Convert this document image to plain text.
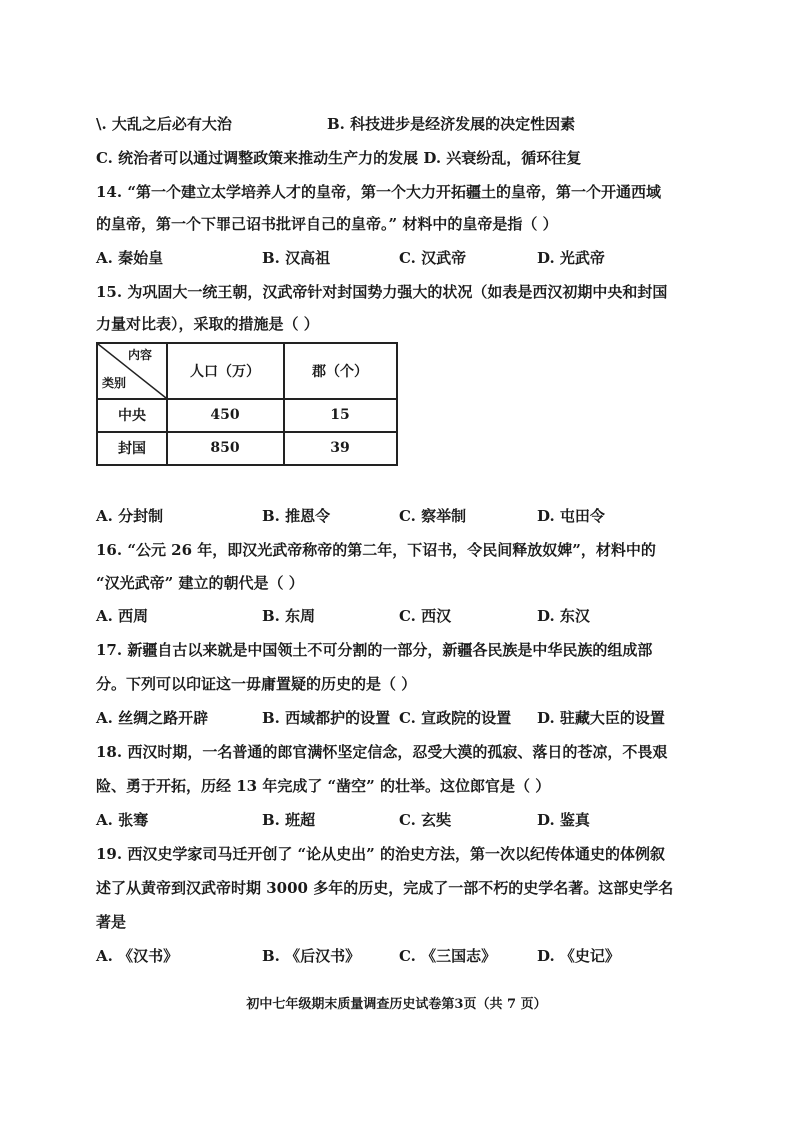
\. 大乱之后必有大治	B. 科技进步是经济发展的决定性因素
C. 统治者可以通过调整政策来推动生产力的发展 D. 兴衰纷乱，循环往复
14. “第一个建立太学培养人才的皇帝，第一个大力开拓疆土的皇帝，第一个开通西域
的皇帝，第一个下罪己诏书批评自己的皇帝。” 材料中的皇帝是指（ ）
A. 秦始皇	B. 汉高祖	C. 汉武帝	D. 光武帝
15. 为巩固大一统王朝，汉武帝针对封国势力强大的状况（如表是西汉初期中央和封国
力量对比表），采取的措施是（ ）
内容
类别
人口（万）	郡（个）
中央	450	15
封国	850	39
A. 分封制	B. 推恩令	C. 察举制	D. 屯田令
16. “公元 26 年，即汉光武帝称帝的第二年，下诏书，令民间释放奴婢”，材料中的
“汉光武帝” 建立的朝代是（ ）
A. 西周	B. 东周	C. 西汉	D. 东汉
17. 新疆自古以来就是中国领土不可分割的一部分，新疆各民族是中华民族的组成部
分。下列可以印证这一毋庸置疑的历史的是（ ）
A. 丝绸之路开辟	B. 西域都护的设置 C. 宣政院的设置 D. 驻藏大臣的设置
18. 西汉时期，一名普通的郎官满怀坚定信念，忍受大漠的孤寂、落日的苍凉，不畏艰
险、勇于开拓，历经 13 年完成了 “凿空” 的壮举。这位郎官是（ ）
A. 张骞	B. 班超	C. 玄奘	D. 鉴真
19. 西汉史学家司马迁开创了 “论从史出” 的治史方法，第一次以纪传体通史的体例叙
述了从黄帝到汉武帝时期 3000 多年的历史，完成了一部不朽的史学名著。这部史学名
著是
A. 《汉书》	B. 《后汉书》	C. 《三国志》	D. 《史记》
初中七年级期末质量调查历史试卷第3页（共 7 页）
